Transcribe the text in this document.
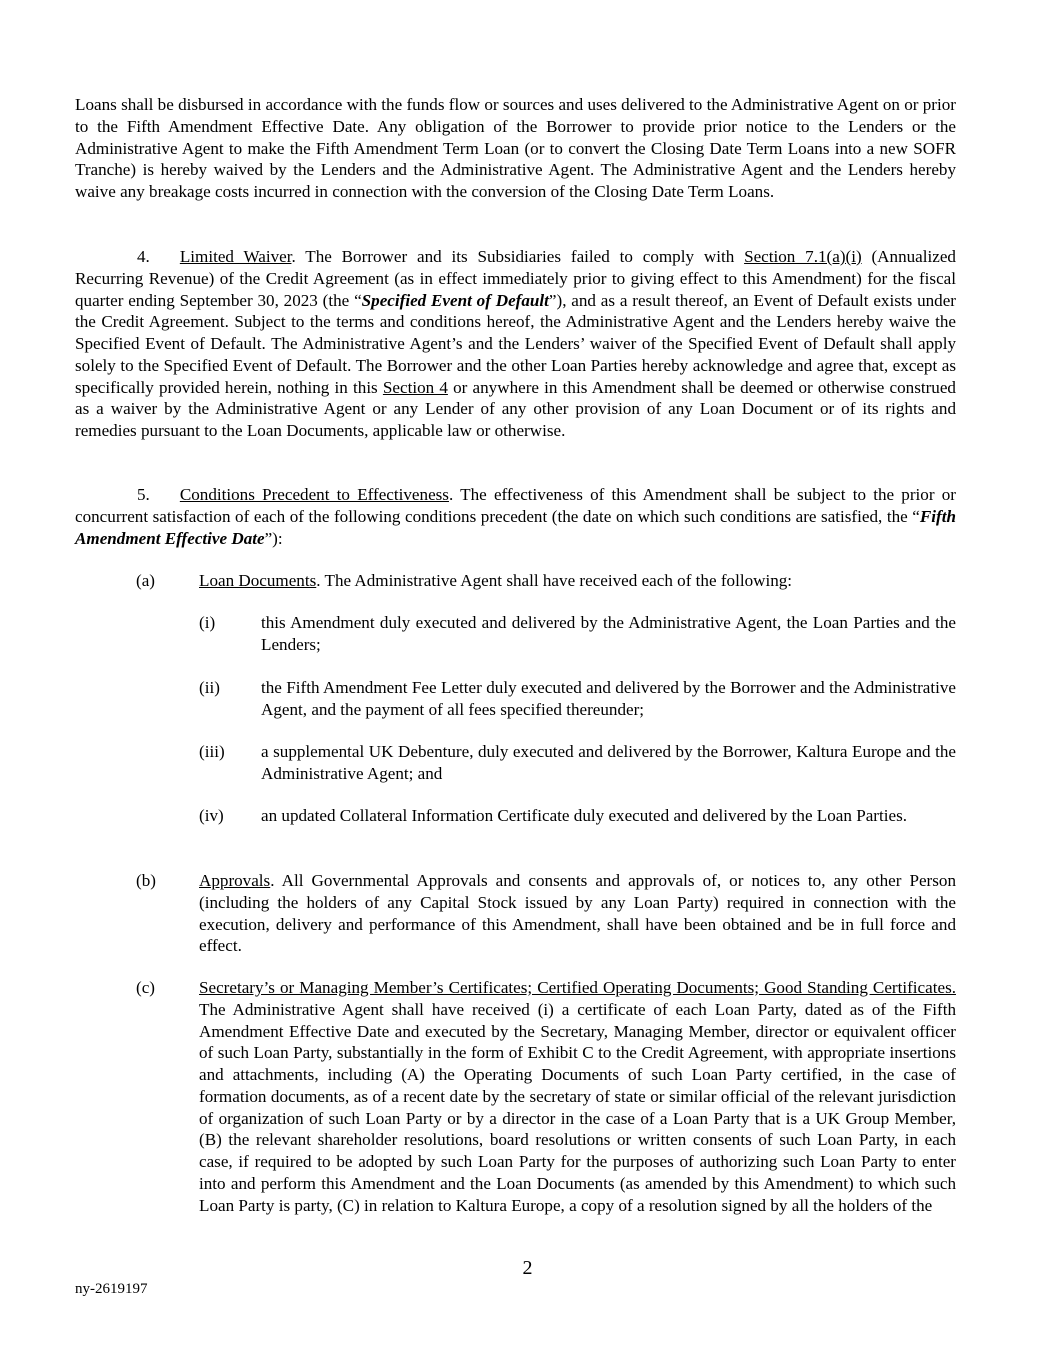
Loans shall be disbursed in accordance with the funds flow or sources and uses delivered to the Administrative Agent on or prior to the Fifth Amendment Effective Date. Any obligation of the Borrower to provide prior notice to the Lenders or the Administrative Agent to make the Fifth Amendment Term Loan (or to convert the Closing Date Term Loans into a new SOFR Tranche) is hereby waived by the Lenders and the Administrative Agent. The Administrative Agent and the Lenders hereby waive any breakage costs incurred in connection with the conversion of the Closing Date Term Loans.

4. Limited Waiver. The Borrower and its Subsidiaries failed to comply with Section 7.1(a)(i) (Annualized Recurring Revenue) of the Credit Agreement (as in effect immediately prior to giving effect to this Amendment) for the fiscal quarter ending September 30, 2023 (the “Specified Event of Default”), and as a result thereof, an Event of Default exists under the Credit Agreement. Subject to the terms and conditions hereof, the Administrative Agent and the Lenders hereby waive the Specified Event of Default. The Administrative Agent’s and the Lenders’ waiver of the Specified Event of Default shall apply solely to the Specified Event of Default. The Borrower and the other Loan Parties hereby acknowledge and agree that, except as specifically provided herein, nothing in this Section 4 or anywhere in this Amendment shall be deemed or otherwise construed as a waiver by the Administrative Agent or any Lender of any other provision of any Loan Document or of its rights and remedies pursuant to the Loan Documents, applicable law or otherwise.

5. Conditions Precedent to Effectiveness. The effectiveness of this Amendment shall be subject to the prior or concurrent satisfaction of each of the following conditions precedent (the date on which such conditions are satisfied, the “Fifth Amendment Effective Date”):

(a)	Loan Documents. The Administrative Agent shall have received each of the following:
(i)	this Amendment duly executed and delivered by the Administrative Agent, the Loan Parties and the Lenders;
(ii) the Fifth Amendment Fee Letter duly executed and delivered by the Borrower and the Administrative Agent, and the payment of all fees specified thereunder;
(iii) a supplemental UK Debenture, duly executed and delivered by the Borrower, Kaltura Europe and the Administrative Agent; and
(iv) an updated Collateral Information Certificate duly executed and delivered by the Loan Parties.
(b)	Approvals. All Governmental Approvals and consents and approvals of, or notices to, any other Person (including the holders of any Capital Stock issued by any Loan Party) required in connection with the execution, delivery and performance of this Amendment, shall have been obtained and be in full force and effect.
(c)	Secretary’s or Managing Member’s Certificates; Certified Operating Documents; Good Standing Certificates. The Administrative Agent shall have received (i) a certificate of each Loan Party, dated as of the Fifth Amendment Effective Date and executed by the Secretary, Managing Member, director or equivalent officer of such Loan Party, substantially in the form of Exhibit C to the Credit Agreement, with appropriate insertions and attachments, including (A) the Operating Documents of such Loan Party certified, in the case of formation documents, as of a recent date by the secretary of state or similar official of the relevant jurisdiction of organization of such Loan Party or by a director in the case of a Loan Party that is a UK Group Member, (B) the relevant shareholder resolutions, board resolutions or written consents of such Loan Party, in each case, if required to be adopted by such Loan Party for the purposes of authorizing such Loan Party to enter into and perform this Amendment and the Loan Documents (as amended by this Amendment) to which such Loan Party is party, (C) in relation to Kaltura Europe, a copy of a resolution signed by all the holders of the
2
ny-2619197
